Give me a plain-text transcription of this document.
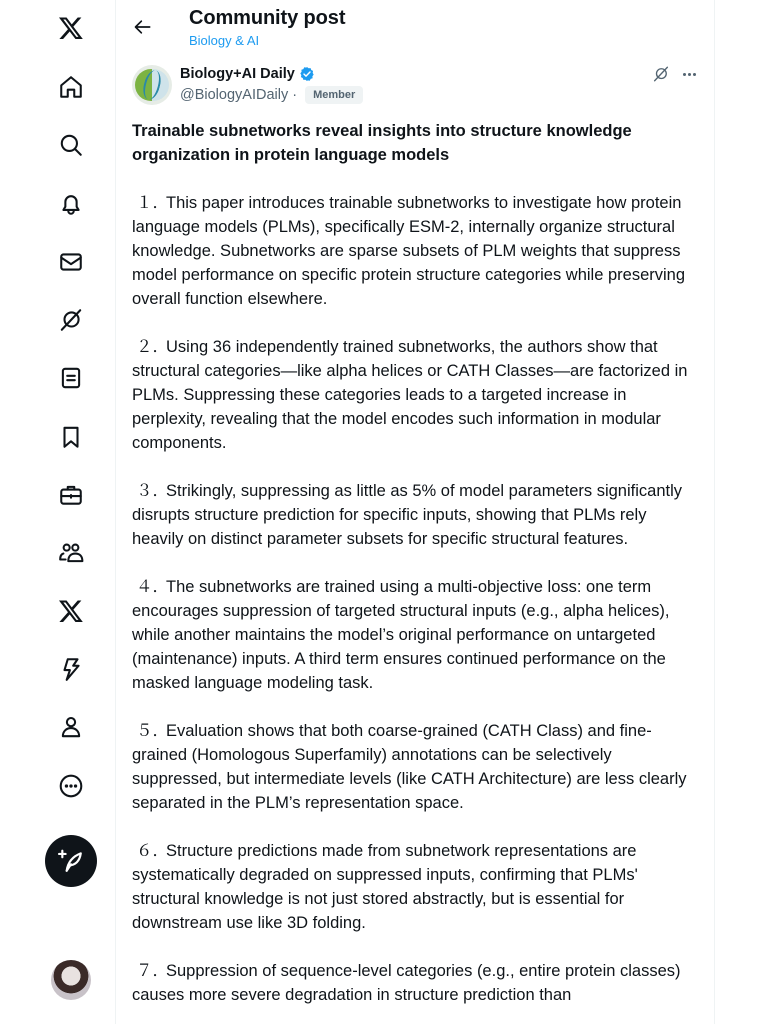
Community post
Biology & AI
Biology+AI Daily
@BiologyAIDaily ·	Member
Trainable subnetworks reveal insights into structure knowledge organization in protein language models
１．This paper introduces trainable subnetworks to investigate how protein language models (PLMs), specifically ESM-2, internally organize structural knowledge. Subnetworks are sparse subsets of PLM weights that suppress model performance on specific protein structure categories while preserving overall function elsewhere.
２．Using 36 independently trained subnetworks, the authors show that structural categories—like alpha helices or CATH Classes—are factorized in PLMs. Suppressing these categories leads to a targeted increase in perplexity, revealing that the model encodes such information in modular components.
３．Strikingly, suppressing as little as 5% of model parameters significantly disrupts structure prediction for specific inputs, showing that PLMs rely heavily on distinct parameter subsets for specific structural features.
４．The subnetworks are trained using a multi-objective loss: one term encourages suppression of targeted structural inputs (e.g., alpha helices), while another maintains the model’s original performance on untargeted (maintenance) inputs. A third term ensures continued performance on the masked language modeling task.
５．Evaluation shows that both coarse-grained (CATH Class) and fine-grained (Homologous Superfamily) annotations can be selectively suppressed, but intermediate levels (like CATH Architecture) are less clearly separated in the PLM’s representation space.
６．Structure predictions made from subnetwork representations are systematically degraded on suppressed inputs, confirming that PLMs' structural knowledge is not just stored abstractly, but is essential for downstream use like 3D folding.
７．Suppression of sequence-level categories (e.g., entire protein classes) causes more severe degradation in structure prediction than
